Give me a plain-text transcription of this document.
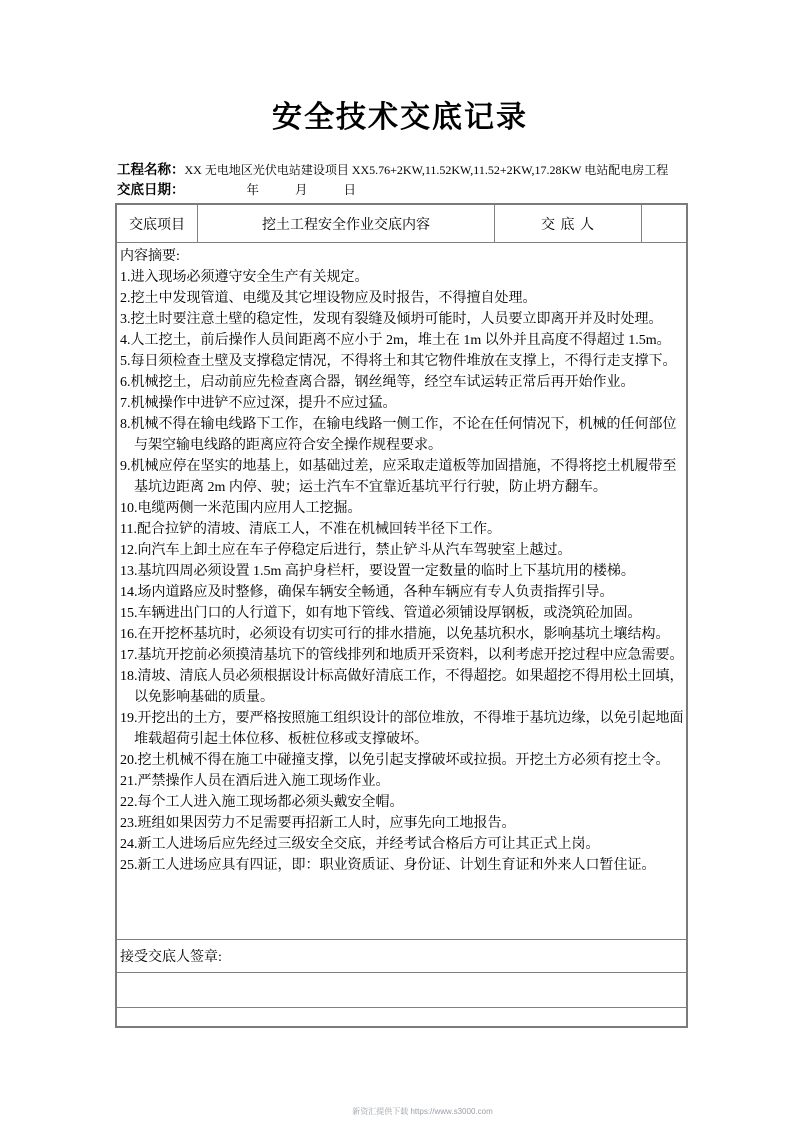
安全技术交底记录
工程名称：XX 无电地区光伏电站建设项目 XX5.76+2KW,11.52KW,11.52+2KW,17.28KW 电站配电房工程
交底日期：	年	月	日
交底项目	挖土工程安全作业交底内容	交 底 人	

内容摘要:
1.进入现场必须遵守安全生产有关规定。
2.挖土中发现管道、电缆及其它埋设物应及时报告，不得擅自处理。
3.挖土时要注意土壁的稳定性，发现有裂缝及倾坍可能时，人员要立即离开并及时处理。
4.人工挖土，前后操作人员间距离不应小于 2m，堆土在 1m 以外并且高度不得超过 1.5m。
5.每日须检查土壁及支撑稳定情况，不得将土和其它物件堆放在支撑上，不得行走支撑下。
6.机械挖土，启动前应先检查离合器，钢丝绳等，经空车试运转正常后再开始作业。
7.机械操作中进铲不应过深，提升不应过猛。
8.机械不得在输电线路下工作，在输电线路一侧工作，不论在任何情况下，机械的任何部位与架空输电线路的距离应符合安全操作规程要求。
9.机械应停在坚实的地基上，如基础过差，应采取走道板等加固措施，不得将挖土机履带至基坑边距离 2m 内停、驶；运土汽车不宜靠近基坑平行行驶，防止坍方翻车。
10.电缆两侧一米范围内应用人工挖掘。
11.配合拉铲的清坡、清底工人，不准在机械回转半径下工作。
12.向汽车上卸土应在车子停稳定后进行，禁止铲斗从汽车驾驶室上越过。
13.基坑四周必须设置 1.5m 高护身栏杆，要设置一定数量的临时上下基坑用的楼梯。
14.场内道路应及时整修，确保车辆安全畅通，各种车辆应有专人负责指挥引导。
15.车辆进出门口的人行道下，如有地下管线、管道必须铺设厚钢板，或浇筑砼加固。
16.在开挖杯基坑时，必须设有切实可行的排水措施，以免基坑积水，影响基坑土壤结构。
17.基坑开挖前必须摸清基坑下的管线排列和地质开采资料，以利考虑开挖过程中应急需要。
18.清坡、清底人员必须根据设计标高做好清底工作，不得超挖。如果超挖不得用松土回填，以免影响基础的质量。
19.开挖出的土方，要严格按照施工组织设计的部位堆放，不得堆于基坑边缘，以免引起地面堆载超荷引起土体位移、板桩位移或支撑破坏。
20.挖土机械不得在施工中碰撞支撑，以免引起支撑破坏或拉损。开挖土方必须有挖土令。
21.严禁操作人员在酒后进入施工现场作业。
22.每个工人进入施工现场都必须头戴安全帽。
23.班组如果因劳力不足需要再招新工人时，应事先向工地报告。
24.新工人进场后应先经过三级安全交底，并经考试合格后方可让其正式上岗。
25.新工人进场应具有四证，即：职业资质证、身份证、计划生育证和外来人口暂住证。

接受交底人签章:

新资汇提供下载 https://www.s3000.com
